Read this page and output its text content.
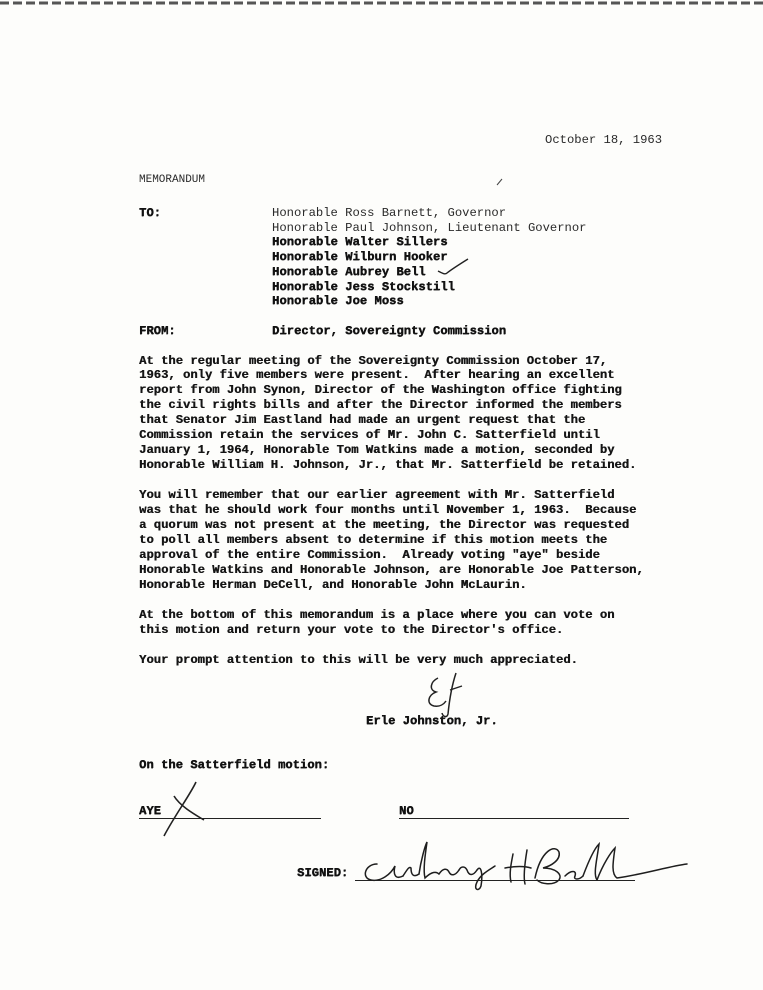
October 18, 1963
MEMORANDUM
TO:	Honorable Ross Barnett, Governor
Honorable Paul Johnson, Lieutenant Governor
Honorable Walter Sillers
Honorable Wilburn Hooker
Honorable Aubrey Bell
Honorable Jess Stockstill
Honorable Joe Moss
FROM:	Director, Sovereignty Commission
At the regular meeting of the Sovereignty Commission October 17,
1963, only five members were present.  After hearing an excellent
report from John Synon, Director of the Washington office fighting
the civil rights bills and after the Director informed the members
that Senator Jim Eastland had made an urgent request that the
Commission retain the services of Mr. John C. Satterfield until
January 1, 1964, Honorable Tom Watkins made a motion, seconded by
Honorable William H. Johnson, Jr., that Mr. Satterfield be retained.
You will remember that our earlier agreement with Mr. Satterfield
was that he should work four months until November 1, 1963.  Because
a quorum was not present at the meeting, the Director was requested
to poll all members absent to determine if this motion meets the
approval of the entire Commission.  Already voting "aye" beside
Honorable Watkins and Honorable Johnson, are Honorable Joe Patterson,
Honorable Herman DeCell, and Honorable John McLaurin.
At the bottom of this memorandum is a place where you can vote on
this motion and return your vote to the Director's office.
Your prompt attention to this will be very much appreciated.
Erle Johnston, Jr.
On the Satterfield motion:
AYE	NO
SIGNED:
